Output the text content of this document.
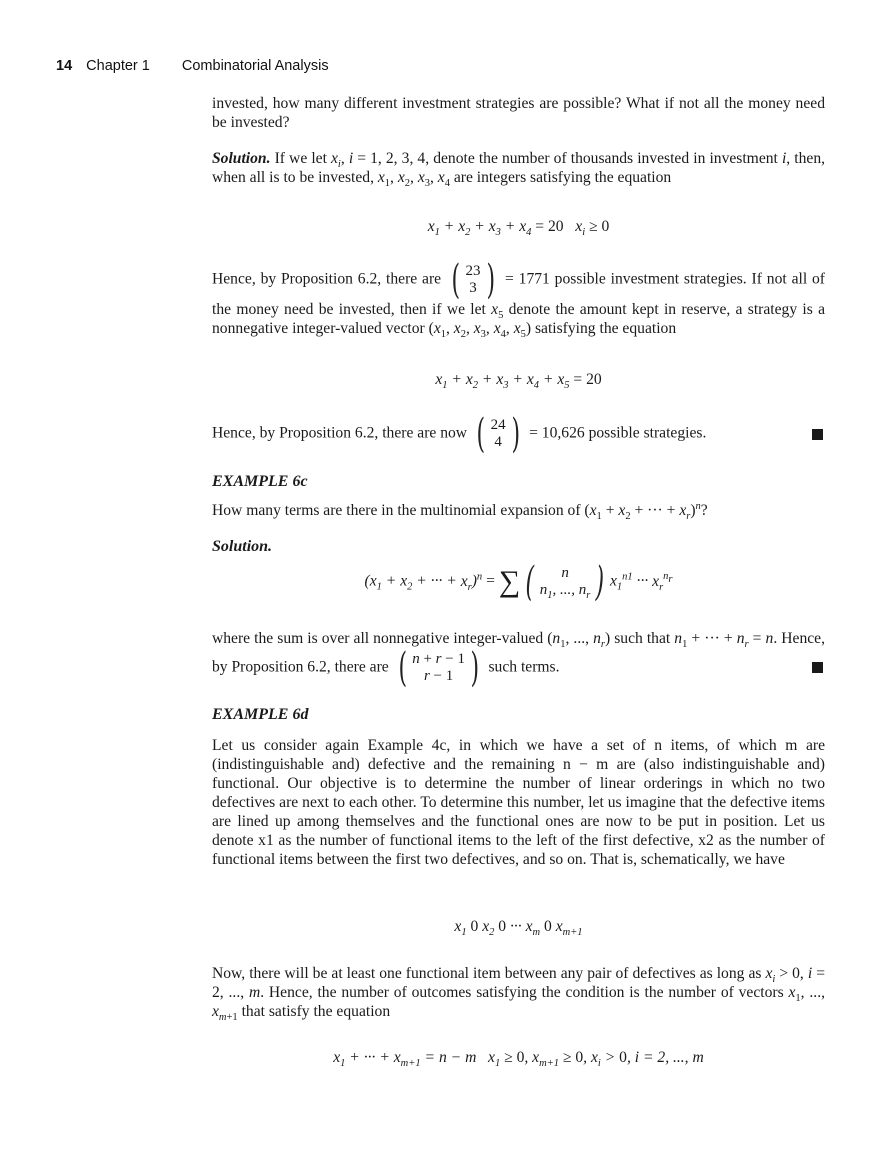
14 Chapter 1 Combinatorial Analysis

invested, how many different investment strategies are possible? What if not all the money need be invested?

Solution. If we let $x_i$, i = 1, 2, 3, 4, denote the number of thousands invested in investment i, then, when all is to be invested, $x_1$, $x_2$, $x_3$, $x_4$ are integers satisfying the equation

$x_1 + x_2 + x_3 + x_4 = 20$ $x_i \ge 0$

Hence, by Proposition 6.2, there are ( 23
3 ) = 1771 possible investment strategies. If not all of the money need be invested, then if we let $x_5$ denote the amount kept in reserve, a strategy is a nonnegative integer-valued vector ($x_1$, $x_2$, $x_3$, $x_4$, $x_5$) satisfying the equation

$x_1 + x_2 + x_3 + x_4 + x_5 = 20$

Hence, by Proposition 6.2, there are now ( 24
4 ) = 10,626 possible strategies.

EXAMPLE 6c

How many terms are there in the multinomial expansion of ($x_1 + x_2$ + ··· + $x_r)^n$?

Solution.
($x_1 + x_2$ + ··· + $x_r)^n$ = ∑ ( n
$n_1$, ..., $n_r$ ) $x_1^{n1}$ ··· $x_r^{n_r}$

where the sum is over all nonnegative integer-valued ($n_1$, ..., $n_r$) such that $n_1$ + ··· + $n_r = n$. Hence, by Proposition 6.2, there are ( n + r − 1
r − 1 ) such terms.

EXAMPLE 6d

Let us consider again Example 4c, in which we have a set of n items, of which m are (indistinguishable and) defective and the remaining n − m are (also indistinguishable and) functional. Our objective is to determine the number of linear orderings in which no two defectives are next to each other. To determine this number, let us imagine that the defective items are lined up among themselves and the functional ones are now to be put in position. Let us denote x1 as the number of functional items to the left of the first defective, x2 as the number of functional items between the first two defectives, and so on. That is, schematically, we have

$x_1$ 0 $x_2$ 0 ··· $x_m$ 0 $x_{m+1}$

Now, there will be at least one functional item between any pair of defectives as long as $x_i > 0$, i = 2, ..., m. Hence, the number of outcomes satisfying the condition is the number of vectors $x_1$, ..., $x_{m+1}$ that satisfy the equation

$x_1$ + ··· + $x_{m+1} = n - m$ $x_1 \ge 0$, $x_{m+1} \ge 0$, $x_i > 0$, i = 2, ..., m
